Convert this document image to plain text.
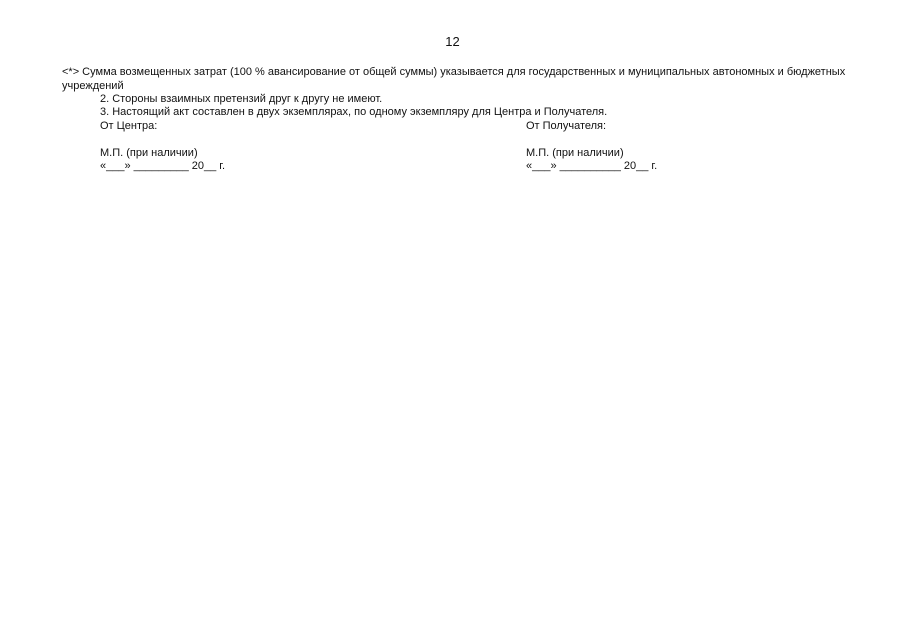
12
<*> Сумма возмещенных затрат (100 % авансирование от общей суммы) указывается для государственных и муниципальных автономных и бюджетных учреждений
2. Стороны взаимных претензий друг к другу не имеют.
3. Настоящий акт составлен в двух экземплярах, по одному экземпляру для Центра и Получателя.
От Центра:	От Получателя:
М.П. (при наличии)	М.П. (при наличии)
«___» _________ 20__ г.	«___» __________ 20__ г.
